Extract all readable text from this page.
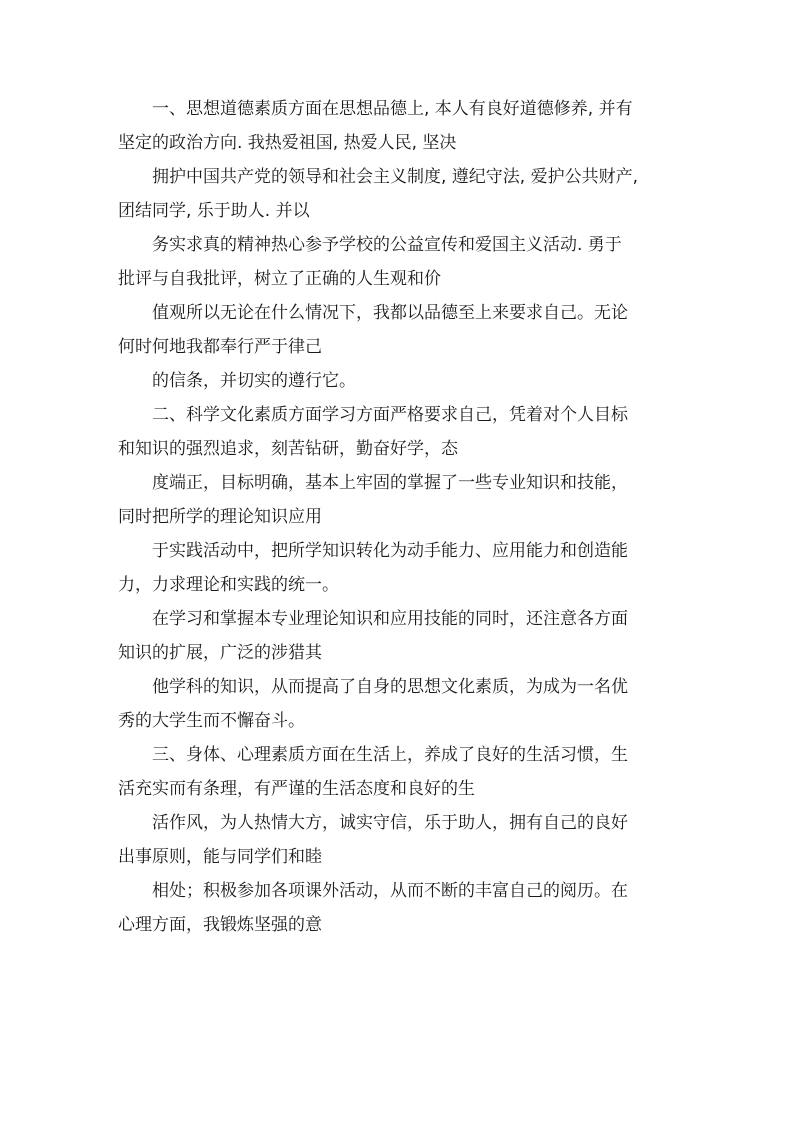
一、思想道德素质方面在思想品德上, 本人有良好道德修养, 并有
坚定的政治方向. 我热爱祖国, 热爱人民, 坚决
拥护中国共产党的领导和社会主义制度, 遵纪守法, 爱护公共财产,
团结同学, 乐于助人. 并以
务实求真的精神热心参予学校的公益宣传和爱国主义活动. 勇于
批评与自我批评，树立了正确的人生观和价
值观所以无论在什么情况下，我都以品德至上来要求自己。无论
何时何地我都奉行严于律己
的信条，并切实的遵行它。
二、科学文化素质方面学习方面严格要求自己，凭着对个人目标
和知识的强烈追求，刻苦钻研，勤奋好学，态
度端正，目标明确，基本上牢固的掌握了一些专业知识和技能，
同时把所学的理论知识应用
于实践活动中，把所学知识转化为动手能力、应用能力和创造能
力，力求理论和实践的统一。
在学习和掌握本专业理论知识和应用技能的同时，还注意各方面
知识的扩展，广泛的涉猎其
他学科的知识，从而提高了自身的思想文化素质，为成为一名优
秀的大学生而不懈奋斗。
三、身体、心理素质方面在生活上，养成了良好的生活习惯，生
活充实而有条理，有严谨的生活态度和良好的生
活作风，为人热情大方，诚实守信，乐于助人，拥有自己的良好
出事原则，能与同学们和睦
相处；积极参加各项课外活动，从而不断的丰富自己的阅历。在
心理方面，我锻炼坚强的意
